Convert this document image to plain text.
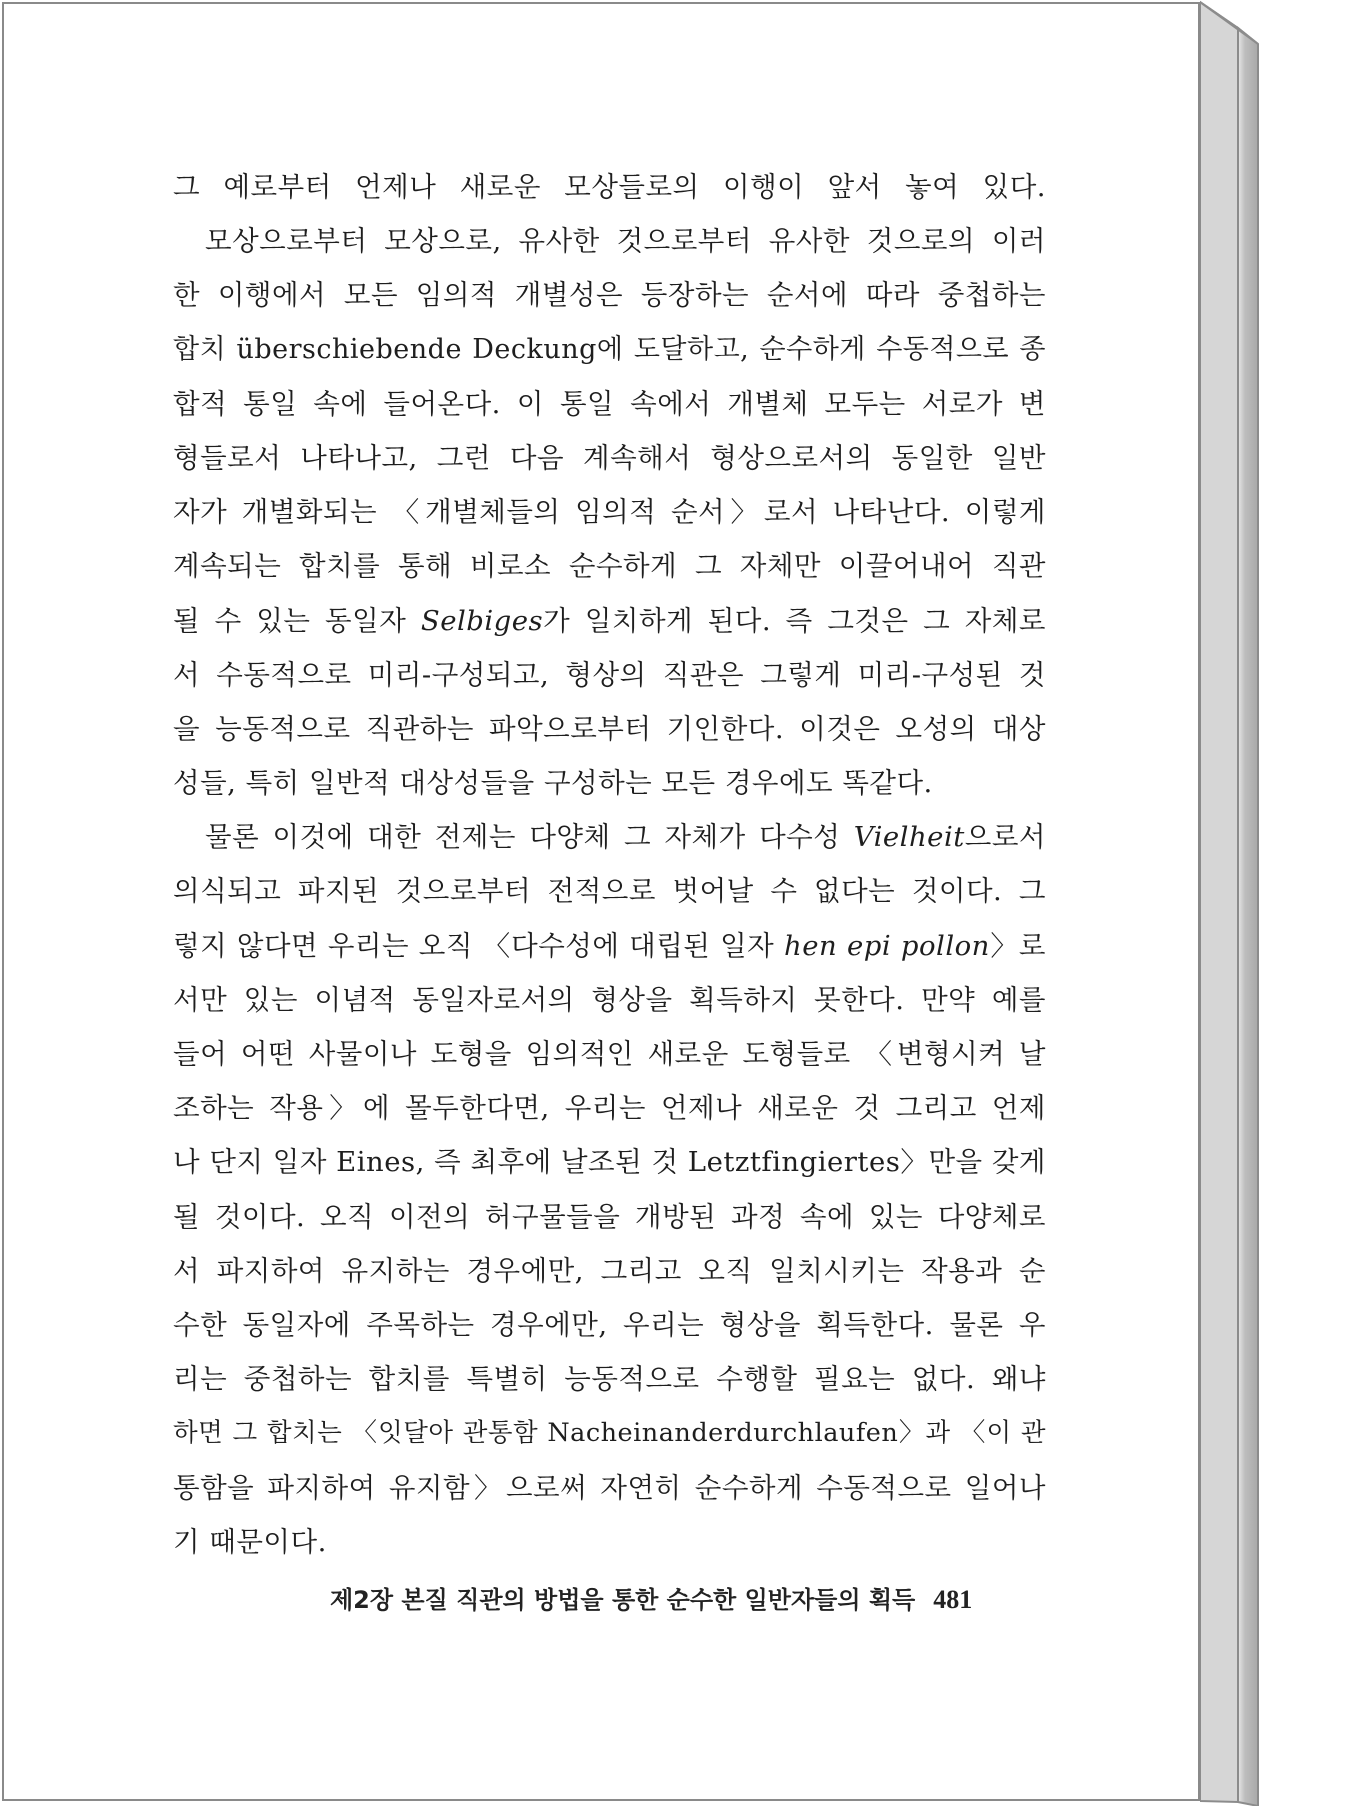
그 예로부터 언제나 새로운 모상들로의 이행이 앞서 놓여 있다.
모상으로부터 모상으로, 유사한 것으로부터 유사한 것으로의 이러
한 이행에서 모든 임의적 개별성은 등장하는 순서에 따라 중첩하는
합치 überschiebende Deckung에 도달하고, 순수하게 수동적으로 종
합적 통일 속에 들어온다. 이 통일 속에서 개별체 모두는 서로가 변
형들로서 나타나고, 그런 다음 계속해서 형상으로서의 동일한 일반
자가 개별화되는 〈개별체들의 임의적 순서〉로서 나타난다. 이렇게
계속되는 합치를 통해 비로소 순수하게 그 자체만 이끌어내어 직관
될 수 있는 동일자 Selbiges가 일치하게 된다. 즉 그것은 그 자체로
서 수동적으로 미리-구성되고, 형상의 직관은 그렇게 미리-구성된 것
을 능동적으로 직관하는 파악으로부터 기인한다. 이것은 오성의 대상
성들, 특히 일반적 대상성들을 구성하는 모든 경우에도 똑같다.
물론 이것에 대한 전제는 다양체 그 자체가 다수성 Vielheit으로서
의식되고 파지된 것으로부터 전적으로 벗어날 수 없다는 것이다. 그
렇지 않다면 우리는 오직 〈다수성에 대립된 일자 hen epi pollon〉로
서만 있는 이념적 동일자로서의 형상을 획득하지 못한다. 만약 예를
들어 어떤 사물이나 도형을 임의적인 새로운 도형들로 〈변형시켜 날
조하는 작용〉에 몰두한다면, 우리는 언제나 새로운 것 그리고 언제
나 단지 일자 Eines, 즉 최후에 날조된 것 Letztfingiertes〉만을 갖게
될 것이다. 오직 이전의 허구물들을 개방된 과정 속에 있는 다양체로
서 파지하여 유지하는 경우에만, 그리고 오직 일치시키는 작용과 순
수한 동일자에 주목하는 경우에만, 우리는 형상을 획득한다. 물론 우
리는 중첩하는 합치를 특별히 능동적으로 수행할 필요는 없다. 왜냐
하면 그 합치는 〈잇달아 관통함 Nacheinanderdurchlaufen〉과 〈이 관
통함을 파지하여 유지함〉으로써 자연히 순수하게 수동적으로 일어나
기 때문이다.
제2장 본질 직관의 방법을 통한 순수한 일반자들의 획득 481
